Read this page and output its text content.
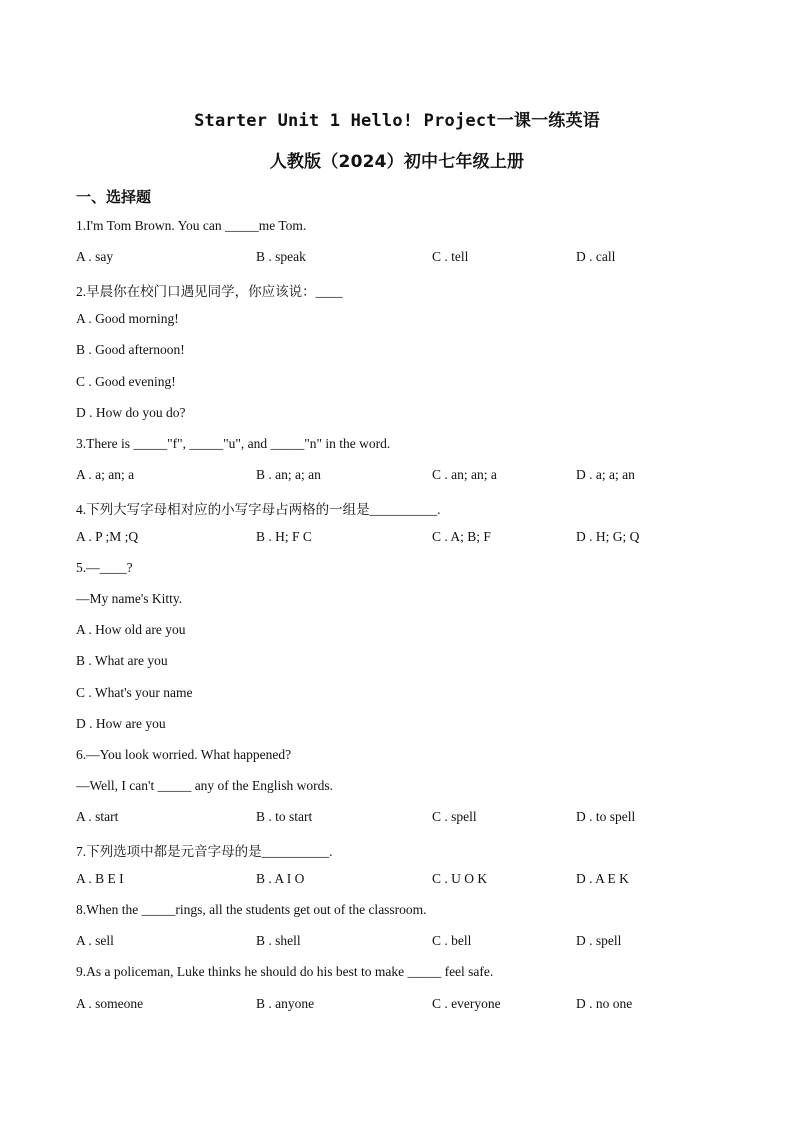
Starter Unit 1 Hello! Project一课一练英语
人教版（2024）初中七年级上册
一、选择题
1.I'm Tom Brown. You can _____me Tom.
A . say	B . speak	C . tell	D . call
2.早晨你在校门口遇见同学，你应该说：____
A . Good morning!
B . Good afternoon!
C . Good evening!
D . How do you do?
3.There is _____"f", _____"u", and _____"n" in the word.
A . a; an; a	B . an; a; an	C . an; an; a	D . a; a; an
4.下列大写字母相对应的小写字母占两格的一组是__________.
A . P ;M ;Q	B . H; F C	C . A; B; F	D . H; G; Q
5.—____?
—My name's Kitty.
A . How old are you
B . What are you
C . What's your name
D . How are you
6.—You look worried. What happened?
—Well, I can't _____ any of the English words.
A . start	B . to start	C . spell	D . to spell
7.下列选项中都是元音字母的是__________.
A . B E I	B . A I O	C . U O K	D . A E K
8.When the _____rings, all the students get out of the classroom.
A . sell	B . shell	C . bell	D . spell
9.As a policeman, Luke thinks he should do his best to make _____ feel safe.
A . someone	B . anyone	C . everyone	D . no one
